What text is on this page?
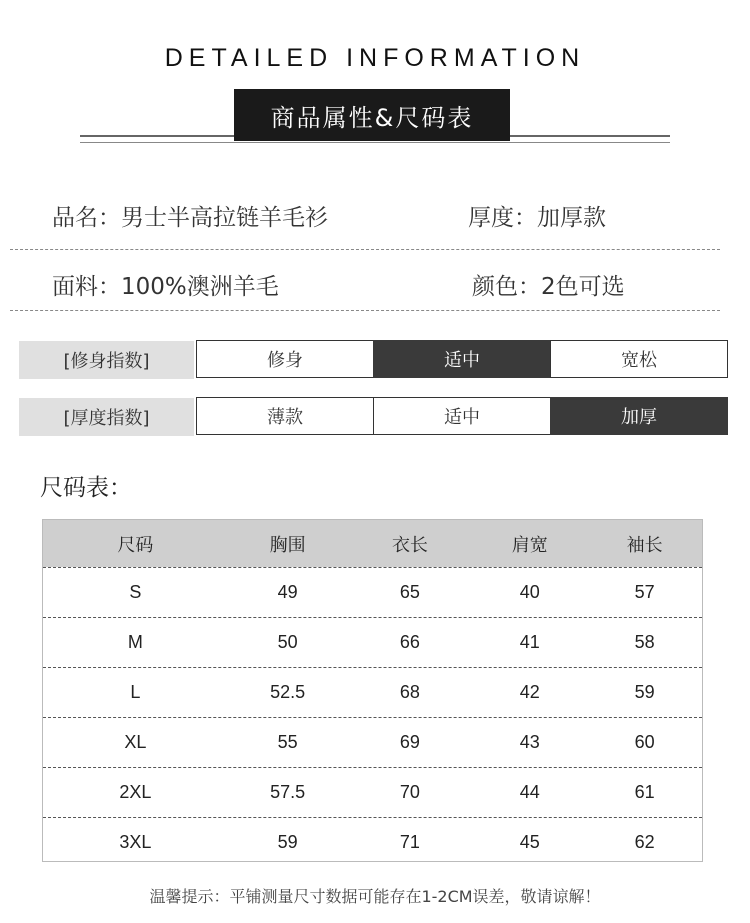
DETAILED INFORMATION
商品属性&尺码表
品名：男士半高拉链羊毛衫	厚度：加厚款
面料：100%澳洲羊毛	颜色：2色可选
[修身指数]	修身	适中	宽松
[厚度指数]	薄款	适中	加厚
尺码表：
尺码	胸围	衣长	肩宽	袖长
S	49	65	40	57
M	50	66	41	58
L	52.5	68	42	59
XL	55	69	43	60
2XL	57.5	70	44	61
3XL	59	71	45	62
温馨提示：平铺测量尺寸数据可能存在1-2CM误差，敬请谅解！
